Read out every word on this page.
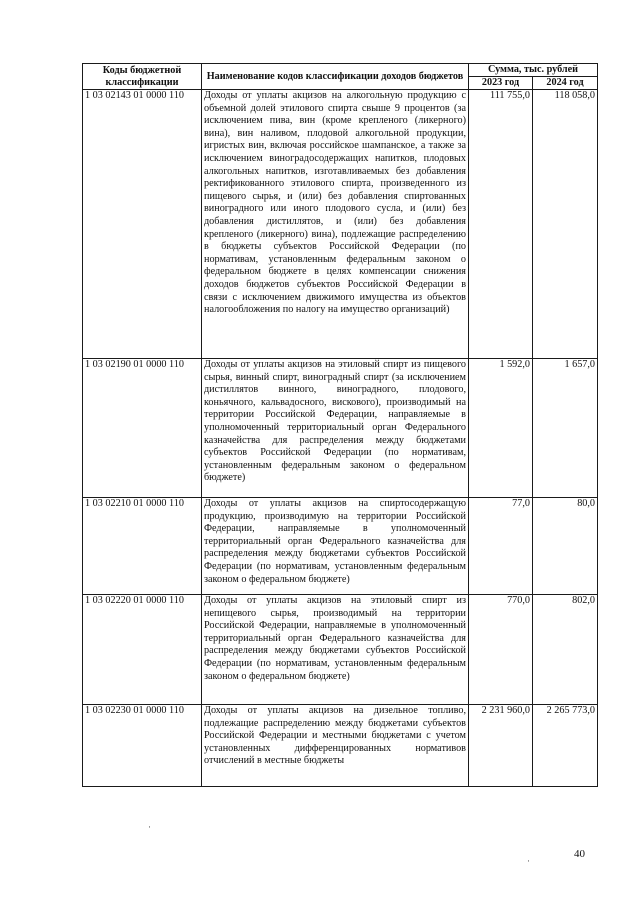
Коды бюджетной классификации	Наименование кодов классификации доходов бюджетов	Сумма, тыс. рублей	
		2023 год	2024 год
1 03 02143 01 0000 110	Доходы от уплаты акцизов на алкогольную продукцию с объемной долей этилового спирта свыше 9 процентов (за исключением пива, вин (кроме крепленого (ликерного) вина), вин наливом, плодовой алкогольной продукции, игристых вин, включая российское шампанское, а также за исключением виноградосодержащих напитков, плодовых алкогольных напитков, изготавливаемых без добавления ректификованного этилового спирта, произведенного из пищевого сырья, и (или) без добавления спиртованных виноградного или иного плодового сусла, и (или) без добавления дистиллятов, и (или) без добавления крепленого (ликерного) вина), подлежащие распределению в бюджеты субъектов Российской Федерации (по нормативам, установленным федеральным законом о федеральном бюджете в целях компенсации снижения доходов бюджетов субъектов Российской Федерации в связи с исключением движимого имущества из объектов налогообложения по налогу на имущество организаций)	111 755,0	118 058,0
1 03 02190 01 0000 110	Доходы от уплаты акцизов на этиловый спирт из пищевого сырья, винный спирт, виноградный спирт (за исключением дистиллятов винного, виноградного, плодового, коньячного, кальвадосного, вискового), производимый на территории Российской Федерации, направляемые в уполномоченный территориальный орган Федерального казначейства для распределения между бюджетами субъектов Российской Федерации (по нормативам, установленным федеральным законом о федеральном бюджете)	1 592,0	1 657,0
1 03 02210 01 0000 110	Доходы от уплаты акцизов на спиртосодержащую продукцию, производимую на территории Российской Федерации, направляемые в уполномоченный территориальный орган Федерального казначейства для распределения между бюджетами субъектов Российской Федерации (по нормативам, установленным федеральным законом о федеральном бюджете)	77,0	80,0
1 03 02220 01 0000 110	Доходы от уплаты акцизов на этиловый спирт из непищевого сырья, производимый на территории Российской Федерации, направляемые в уполномоченный территориальный орган Федерального казначейства для распределения между бюджетами субъектов Российской Федерации (по нормативам, установленным федеральным законом о федеральном бюджете)	770,0	802,0
1 03 02230 01 0000 110	Доходы от уплаты акцизов на дизельное топливо, подлежащие распределению между бюджетами субъектов Российской Федерации и местными бюджетами с учетом установленных дифференцированных нормативов отчислений в местные бюджеты	2 231 960,0	2 265 773,0
·
·
40
